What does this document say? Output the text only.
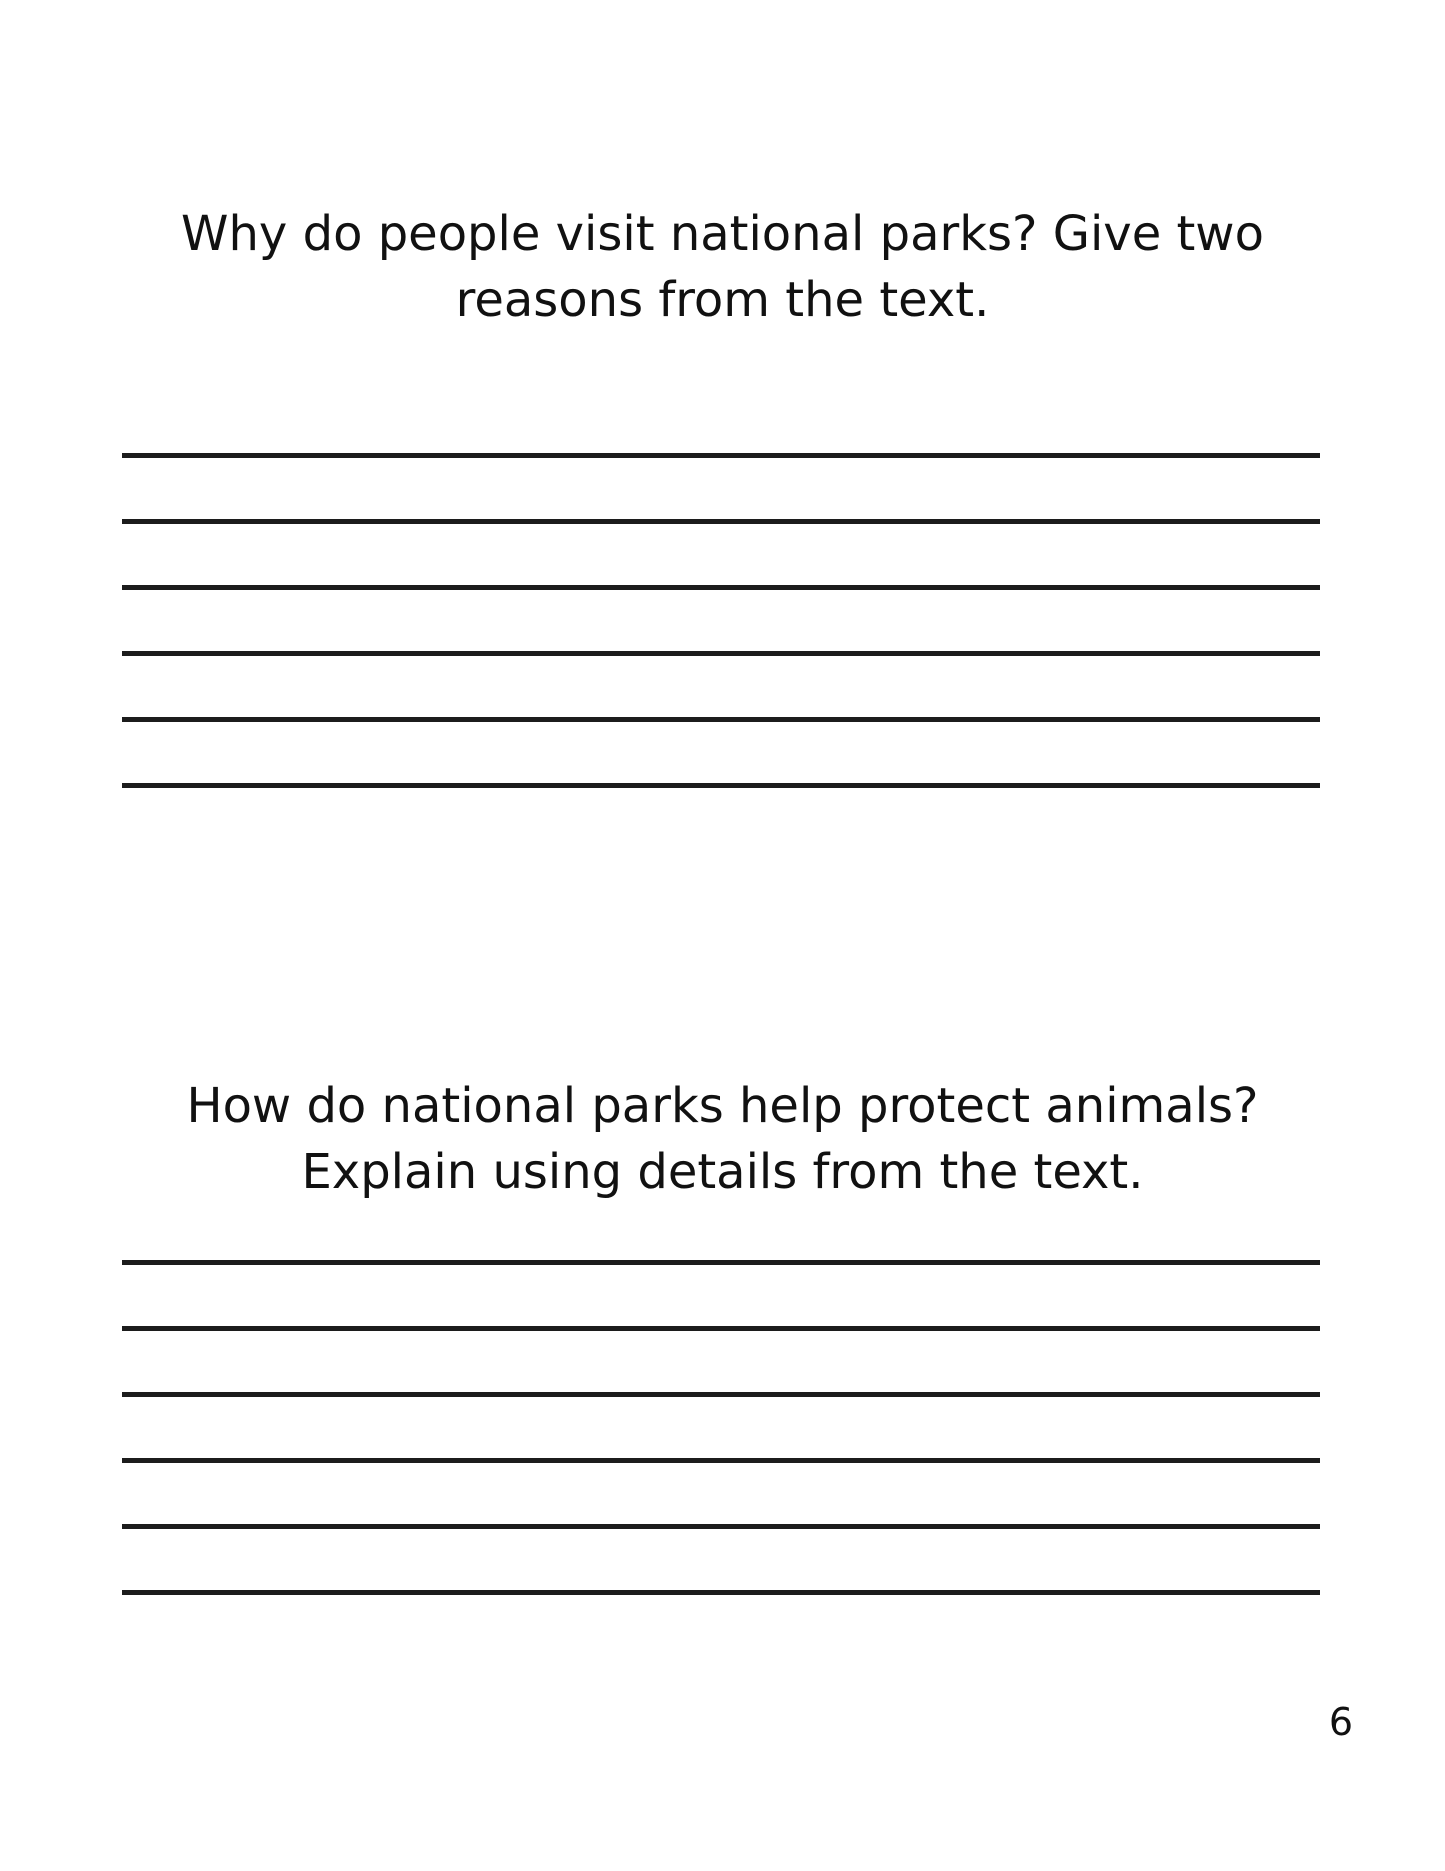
Why do people visit national parks? Give two
reasons from the text.
How do national parks help protect animals?
Explain using details from the text.
6
